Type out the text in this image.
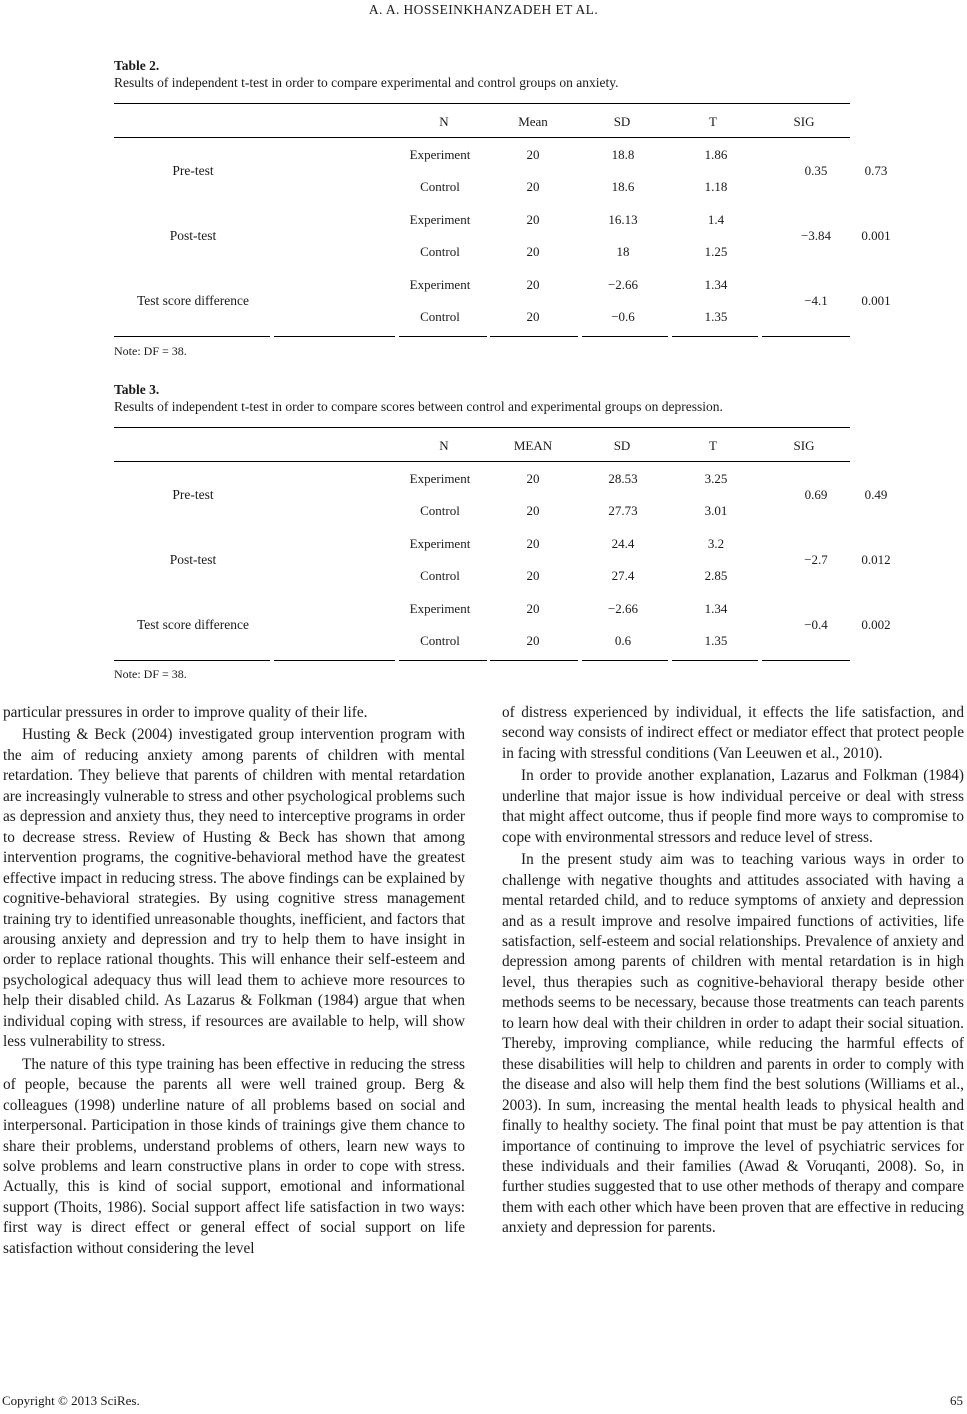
A. A. HOSSEINKHANZADEH ET AL.
Table 2.
Results of independent t-test in order to compare experimental and control groups on anxiety.
N	Mean	SD	T	SIG
Pre-test
Experiment	20	18.8	1.86
Control	20	18.6	1.18
0.35	0.73
Post-test
Experiment	20	16.13	1.4
Control	20	18	1.25
−3.84	0.001
Test score difference
Experiment	20	−2.66	1.34
Control	20	−0.6	1.35
−4.1	0.001
Note: DF = 38.
Table 3.
Results of independent t-test in order to compare scores between control and experimental groups on depression.
N	MEAN	SD	T	SIG
Pre-test
Experiment	20	28.53	3.25
Control	20	27.73	3.01
0.69	0.49
Post-test
Experiment	20	24.4	3.2
Control	20	27.4	2.85
−2.7	0.012
Test score difference
Experiment	20	−2.66	1.34
Control	20	0.6	1.35
−0.4	0.002
Note: DF = 38.

particular pressures in order to improve quality of their life.

Husting & Beck (2004) investigated group intervention program with the aim of reducing anxiety among parents of children with mental retardation. They believe that parents of children with mental retardation are increasingly vulnerable to stress and other psychological problems such as depression and anxiety thus, they need to interceptive programs in order to decrease stress. Review of Husting & Beck has shown that among intervention programs, the cognitive-behavioral method have the greatest effective impact in reducing stress. The above findings can be explained by cognitive-behavioral strategies. By using cognitive stress management training try to identified unreasonable thoughts, inefficient, and factors that arousing anxiety and depression and try to help them to have insight in order to replace rational thoughts. This will enhance their self-esteem and psychological adequacy thus will lead them to achieve more resources to help their disabled child. As Lazarus & Folkman (1984) argue that when individual coping with stress, if resources are available to help, will show less vulnerability to stress.

The nature of this type training has been effective in reducing the stress of people, because the parents all were well trained group. Berg & colleagues (1998) underline nature of all problems based on social and interpersonal. Participation in those kinds of trainings give them chance to share their problems, understand problems of others, learn new ways to solve problems and learn constructive plans in order to cope with stress. Actually, this is kind of social support, emotional and informational support (Thoits, 1986). Social support affect life satisfaction in two ways: first way is direct effect or general effect of social support on life satisfaction without considering the level

of distress experienced by individual, it effects the life satisfaction, and second way consists of indirect effect or mediator effect that protect people in facing with stressful conditions (Van Leeuwen et al., 2010).

In order to provide another explanation, Lazarus and Folkman (1984) underline that major issue is how individual perceive or deal with stress that might affect outcome, thus if people find more ways to compromise to cope with environmental stressors and reduce level of stress.

In the present study aim was to teaching various ways in order to challenge with negative thoughts and attitudes associated with having a mental retarded child, and to reduce symptoms of anxiety and depression and as a result improve and resolve impaired functions of activities, life satisfaction, self-esteem and social relationships. Prevalence of anxiety and depression among parents of children with mental retardation is in high level, thus therapies such as cognitive-behavioral therapy beside other methods seems to be necessary, because those treatments can teach parents to learn how deal with their children in order to adapt their social situation. Thereby, improving compliance, while reducing the harmful effects of these disabilities will help to children and parents in order to comply with the disease and also will help them find the best solutions (Williams et al., 2003). In sum, increasing the mental health leads to physical health and finally to healthy society. The final point that must be pay attention is that importance of continuing to improve the level of psychiatric services for these individuals and their families (Awad & Voruqanti, 2008). So, in further studies suggested that to use other methods of therapy and compare them with each other which have been proven that are effective in reducing anxiety and depression for parents.

Copyright © 2013 SciRes.	65
